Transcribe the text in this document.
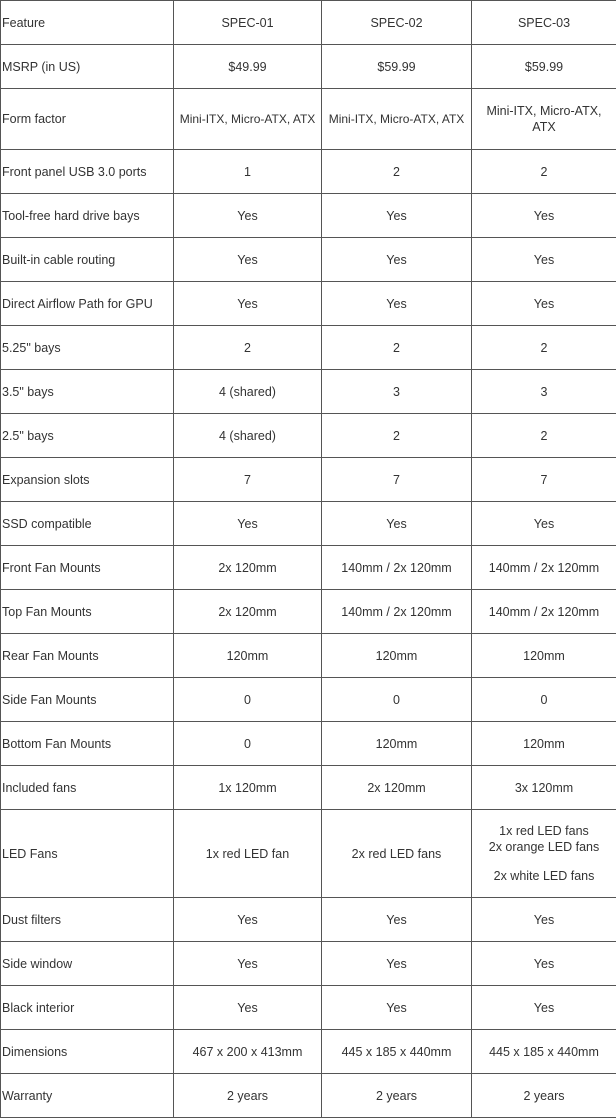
Feature	SPEC-01	SPEC-02	SPEC-03
MSRP (in US)	$49.99	$59.99	$59.99
Form factor	Mini-ITX, Micro-ATX, ATX	Mini-ITX, Micro-ATX, ATX	Mini-ITX, Micro-ATX, ATX
Front panel USB 3.0 ports	1	2	2
Tool-free hard drive bays	Yes	Yes	Yes
Built-in cable routing	Yes	Yes	Yes
Direct Airflow Path for GPU	Yes	Yes	Yes
5.25" bays	2	2	2
3.5" bays	4 (shared)	3	3
2.5" bays	4 (shared)	2	2
Expansion slots	7	7	7
SSD compatible	Yes	Yes	Yes
Front Fan Mounts	2x 120mm	140mm / 2x 120mm	140mm / 2x 120mm
Top Fan Mounts	2x 120mm	140mm / 2x 120mm	140mm / 2x 120mm
Rear Fan Mounts	120mm	120mm	120mm
Side Fan Mounts	0	0	0
Bottom Fan Mounts	0	120mm	120mm
Included fans	1x 120mm	2x 120mm	3x 120mm
LED Fans	1x red LED fan	2x red LED fans	1x red LED fans
2x orange LED fans
2x white LED fans

Dust filters	Yes	Yes	Yes
Side window	Yes	Yes	Yes
Black interior	Yes	Yes	Yes
Dimensions	467 x 200 x 413mm	445 x 185 x 440mm	445 x 185 x 440mm
Warranty	2 years	2 years	2 years
